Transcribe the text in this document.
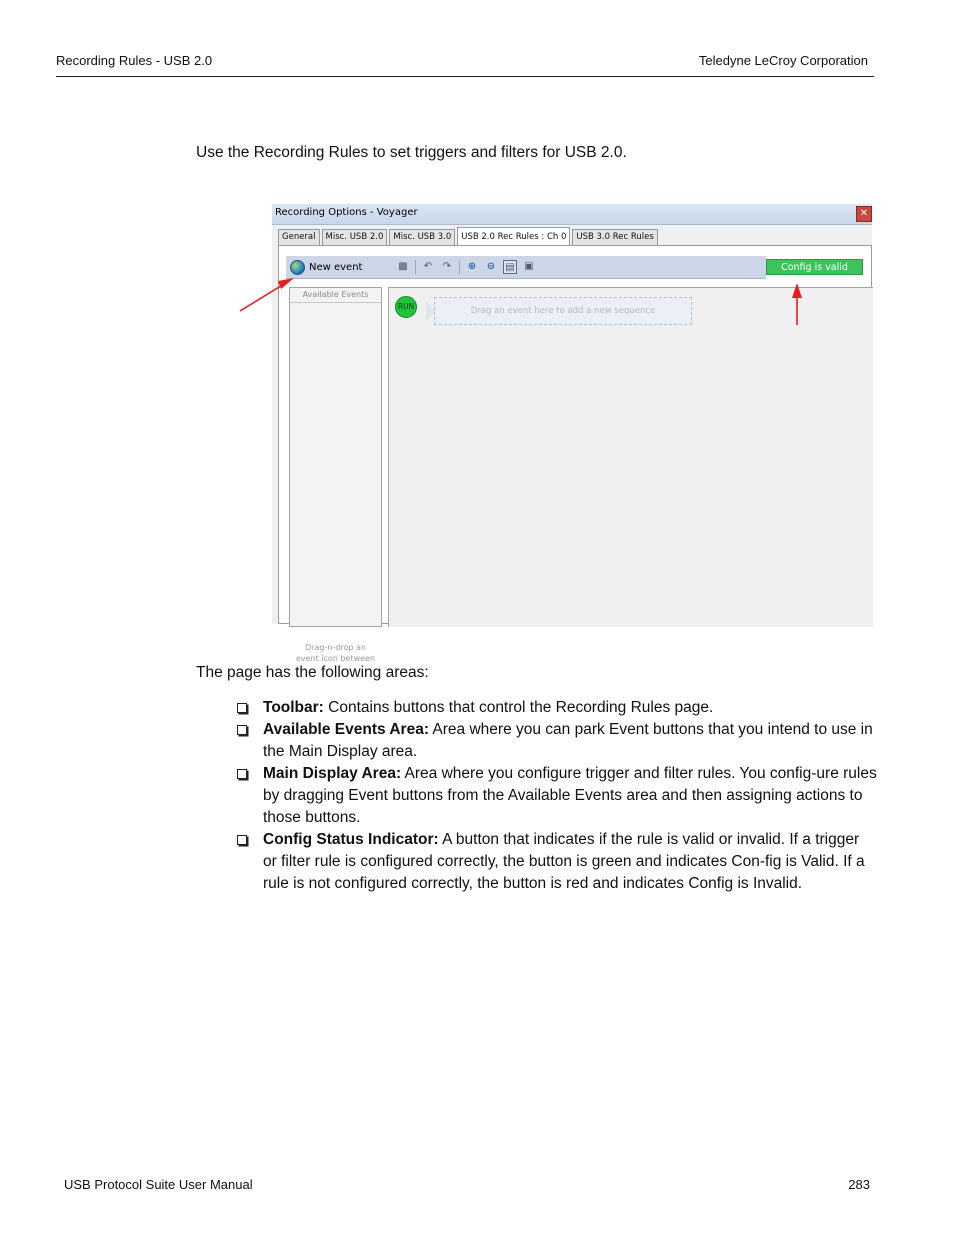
Recording Rules - USB 2.0	Teledyne LeCroy Corporation
Use the Recording Rules to set triggers and filters for USB 2.0.
Recording Options - Voyager	✕
General	Misc. USB 2.0	Misc. USB 3.0	USB 2.0 Rec Rules : Ch 0	USB 3.0 Rec Rules
New event	▩ ↶ ↷ ⊕ ⊖ ▤ ▣	Config is valid
Available Events
Drag-n-drop an
event icon between
RUN	Drag an event here to add a new sequence
The page has the following areas:
Toolbar: Contains buttons that control the Recording Rules page.
Available Events Area: Area where you can park Event buttons that you intend to use in the Main Display area.
Main Display Area: Area where you configure trigger and filter rules. You config-ure rules by dragging Event buttons from the Available Events area and then assigning actions to those buttons.
Config Status Indicator: A button that indicates if the rule is valid or invalid. If a trigger or filter rule is configured correctly, the button is green and indicates Con-fig is Valid. If a rule is not configured correctly, the button is red and indicates Config is Invalid.
USB Protocol Suite User Manual	283
